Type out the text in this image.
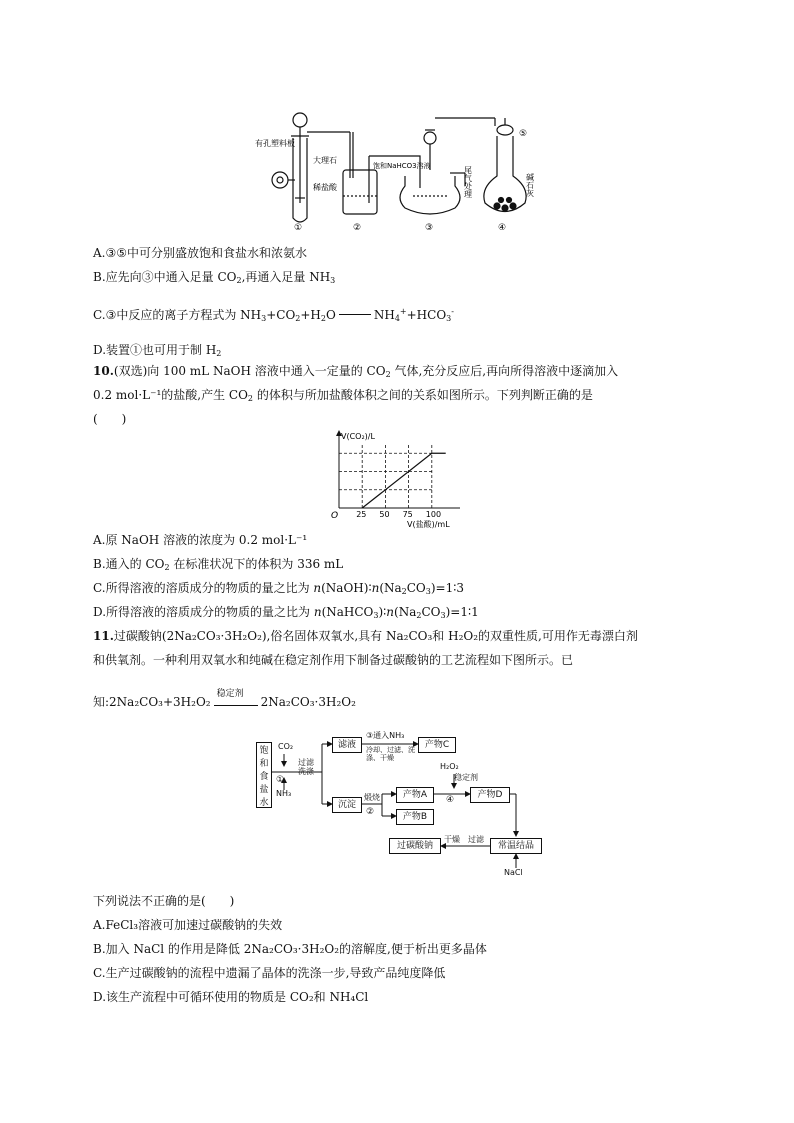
有孔塑料板
大理石
稀盐酸
饱和NaHCO3溶液	尾气处理	碱石灰
①	②	③	④
⑤
A.③⑤中可分别盛放饱和食盐水和浓氨水
B.应先向③中通入足量 $CO_2$,再通入足量 $NH_3$
C.③中反应的离子方程式为 $NH_3+CO_2+H_2O$	$NH_4^++HCO_3^-$
D.装置①也可用于制 $H_2$
10.(双选)向 100 mL NaOH 溶液中通入一定量的 $CO_2$ 气体,充分反应后,再向所得溶液中逐滴加入
0.2 mol·L⁻¹的盐酸,产生 $CO_2$ 的体积与所加盐酸体积之间的关系如图所示。下列判断正确的是
(　　)
V(CO₂)/L
O 25 50 75 100
V(盐酸)/mL
A.原 NaOH 溶液的浓度为 0.2 mol·L⁻¹
B.通入的 $CO_2$ 在标准状况下的体积为 336 mL
C.所得溶液的溶质成分的物质的量之比为 $n(NaOH)∶n(Na_2CO_3)=1∶3$
D.所得溶液的溶质成分的物质的量之比为 $n(NaHCO_3)∶n(Na_2CO_3)=1∶1$
11.过碳酸钠(2Na₂CO₃·3H₂O₂),俗名固体双氧水,具有 Na₂CO₃和 H₂O₂的双重性质,可用作无毒漂白剂
和供氧剂。一种利用双氧水和纯碱在稳定剂作用下制备过碳酸钠的工艺流程如下图所示。已
知:2Na₂CO₃+3H₂O₂
稳定剂
2Na₂CO₃·3H₂O₂
饱和食盐水
CO₂
NH₃
①
过滤洗涤
滤液
③通入NH₃
冷却、过滤、洗涤、干燥
产物C
沉淀
煅烧
②
产物A
产物B
H₂O₂
稳定剂
④	产物D
常温结晶
过滤
干燥
过碳酸钠
NaCl
下列说法不正确的是(　　)
A.FeCl₃溶液可加速过碳酸钠的失效
B.加入 NaCl 的作用是降低 2Na₂CO₃·3H₂O₂的溶解度,便于析出更多晶体
C.生产过碳酸钠的流程中遗漏了晶体的洗涤一步,导致产品纯度降低
D.该生产流程中可循环使用的物质是 CO₂和 NH₄Cl
